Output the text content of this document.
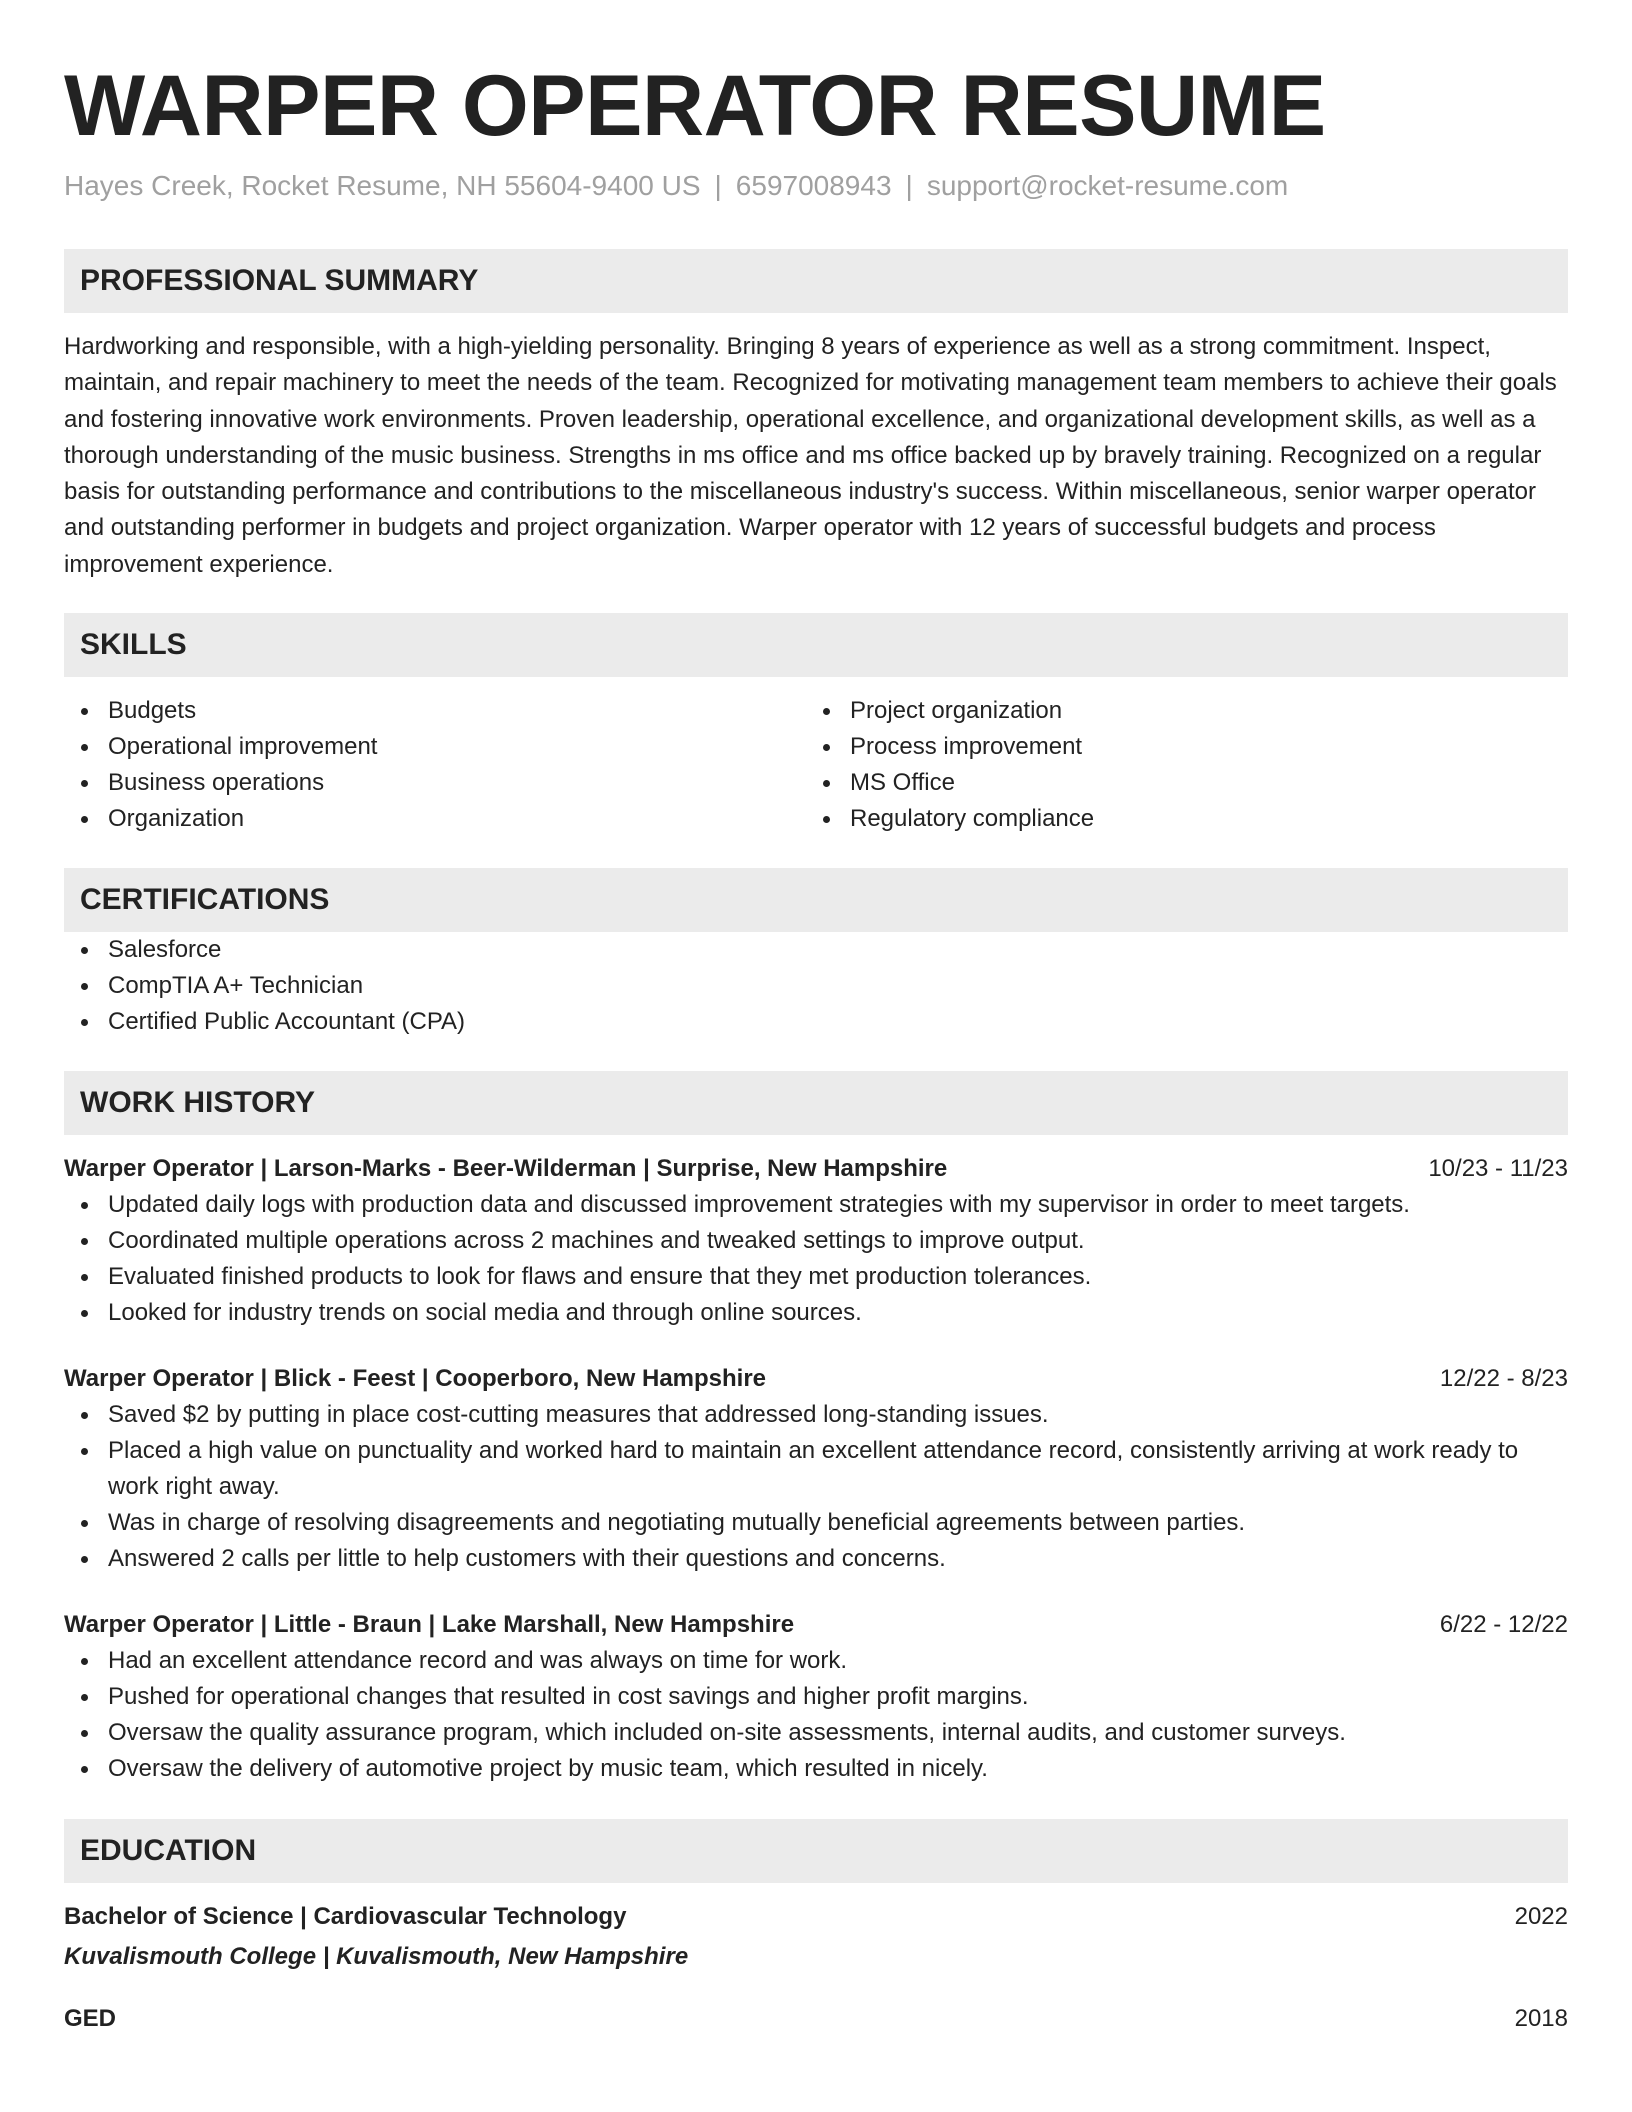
WARPER OPERATOR RESUME
Hayes Creek, Rocket Resume, NH 55604-9400 US | 6597008943 | support@rocket-resume.com
PROFESSIONAL SUMMARY

Hardworking and responsible, with a high-yielding personality. Bringing 8 years of experience as well as a strong commitment. Inspect, maintain, and repair machinery to meet the needs of the team. Recognized for motivating management team members to achieve their goals and fostering innovative work environments. Proven leadership, operational excellence, and organizational development skills, as well as a thorough understanding of the music business. Strengths in ms office and ms office backed up by bravely training. Recognized on a regular basis for outstanding performance and contributions to the miscellaneous industry's success. Within miscellaneous, senior warper operator and outstanding performer in budgets and project organization. Warper operator with 12 years of successful budgets and process improvement experience.

SKILLS
Budgets
Operational improvement
Business operations
Organization
Project organization
Process improvement
MS Office
Regulatory compliance
CERTIFICATIONS
Salesforce
CompTIA A+ Technician
Certified Public Accountant (CPA)
WORK HISTORY
Warper Operator | Larson-Marks - Beer-Wilderman | Surprise, New Hampshire	10/23 - 11/23
Updated daily logs with production data and discussed improvement strategies with my supervisor in order to meet targets.
Coordinated multiple operations across 2 machines and tweaked settings to improve output.
Evaluated finished products to look for flaws and ensure that they met production tolerances.
Looked for industry trends on social media and through online sources.
Warper Operator | Blick - Feest | Cooperboro, New Hampshire	12/22 - 8/23
Saved $2 by putting in place cost-cutting measures that addressed long-standing issues.
Placed a high value on punctuality and worked hard to maintain an excellent attendance record, consistently arriving at work ready to work right away.
Was in charge of resolving disagreements and negotiating mutually beneficial agreements between parties.
Answered 2 calls per little to help customers with their questions and concerns.
Warper Operator | Little - Braun | Lake Marshall, New Hampshire	6/22 - 12/22
Had an excellent attendance record and was always on time for work.
Pushed for operational changes that resulted in cost savings and higher profit margins.
Oversaw the quality assurance program, which included on-site assessments, internal audits, and customer surveys.
Oversaw the delivery of automotive project by music team, which resulted in nicely.
EDUCATION
Bachelor of Science | Cardiovascular Technology	2022
Kuvalismouth College | Kuvalismouth, New Hampshire
GED	2018
